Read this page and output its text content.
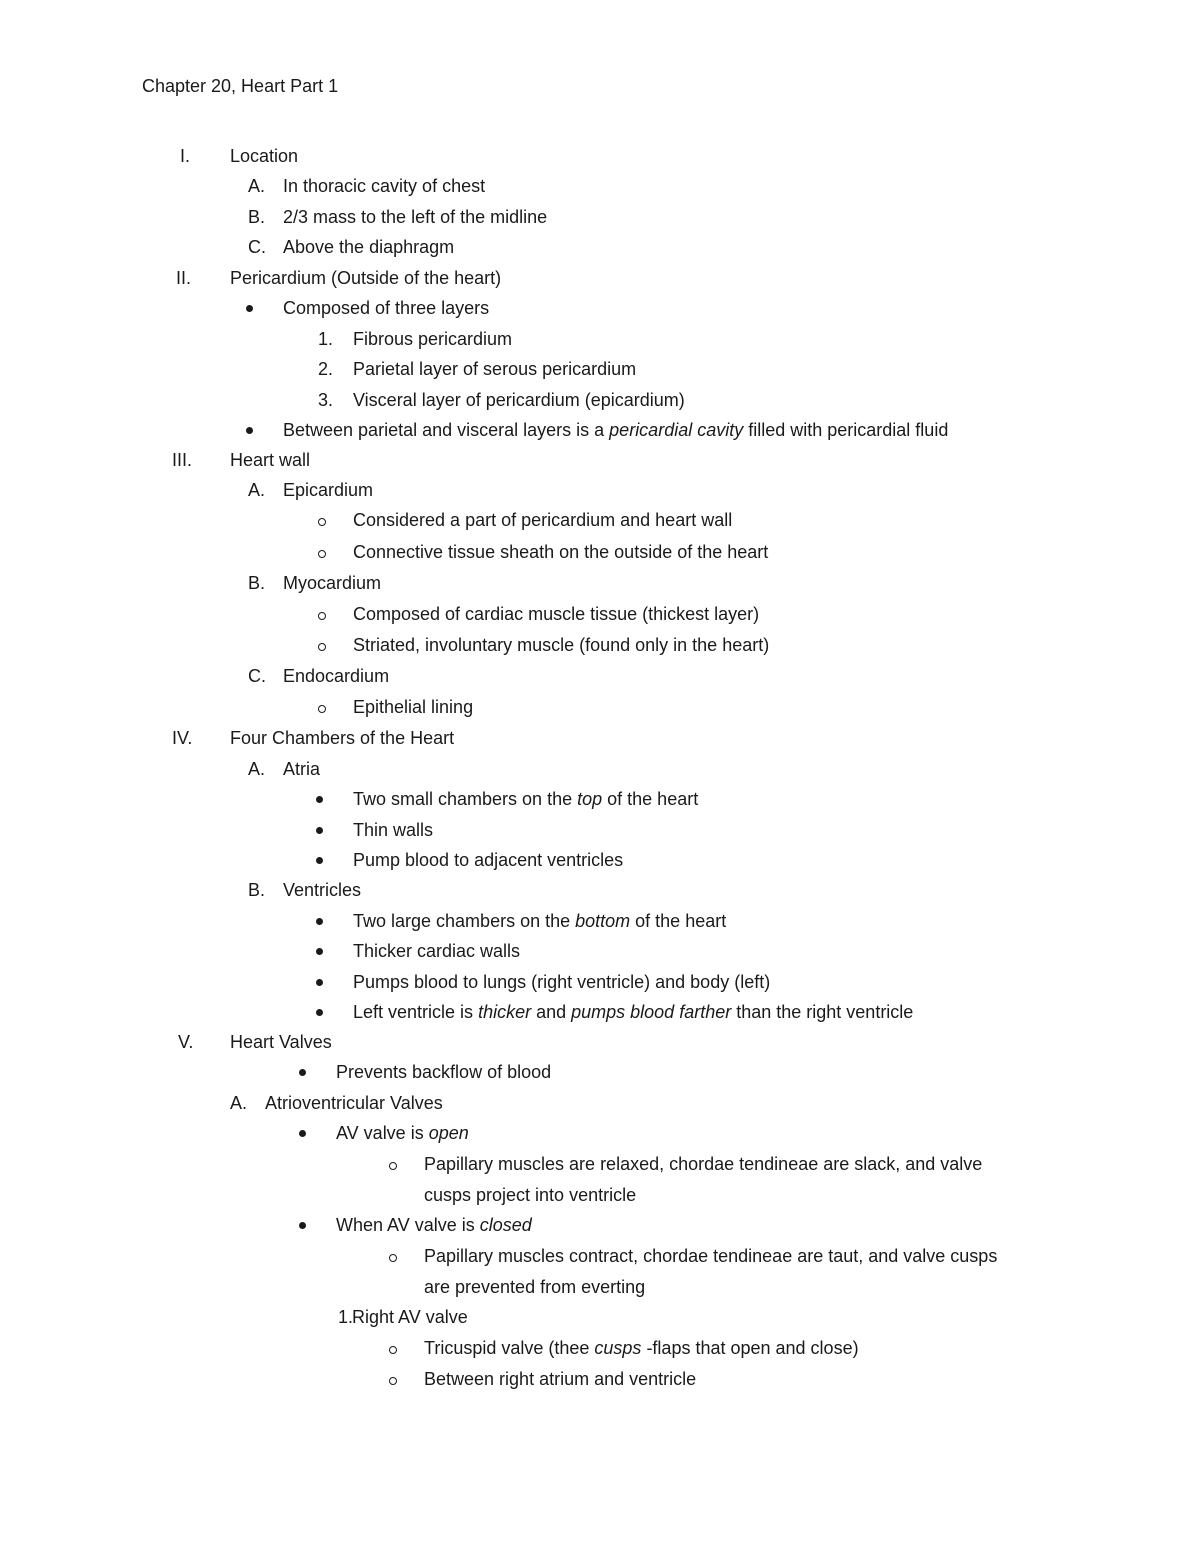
Chapter 20, Heart Part 1
I. Location
A. In thoracic cavity of chest
B. 2/3 mass to the left of the midline
C. Above the diaphragm
II. Pericardium (Outside of the heart)
Composed of three layers
1. Fibrous pericardium
2. Parietal layer of serous pericardium
3. Visceral layer of pericardium (epicardium)
Between parietal and visceral layers is a pericardial cavity filled with pericardial fluid
III. Heart wall
A. Epicardium
Considered a part of pericardium and heart wall
Connective tissue sheath on the outside of the heart
B. Myocardium
Composed of cardiac muscle tissue (thickest layer)
Striated, involuntary muscle (found only in the heart)
C. Endocardium
Epithelial lining
IV. Four Chambers of the Heart
A. Atria
Two small chambers on the top of the heart
Thin walls
Pump blood to adjacent ventricles
B. Ventricles
Two large chambers on the bottom of the heart
Thicker cardiac walls
Pumps blood to lungs (right ventricle) and body (left)
Left ventricle is thicker and pumps blood farther than the right ventricle
V. Heart Valves
Prevents backflow of blood
A. Atrioventricular Valves
AV valve is open
Papillary muscles are relaxed, chordae tendineae are slack, and valve
cusps project into ventricle
When AV valve is closed
Papillary muscles contract, chordae tendineae are taut, and valve cusps
are prevented from everting
1.
Right AV valve
Tricuspid valve (thee cusps -flaps that open and close)
Between right atrium and ventricle
